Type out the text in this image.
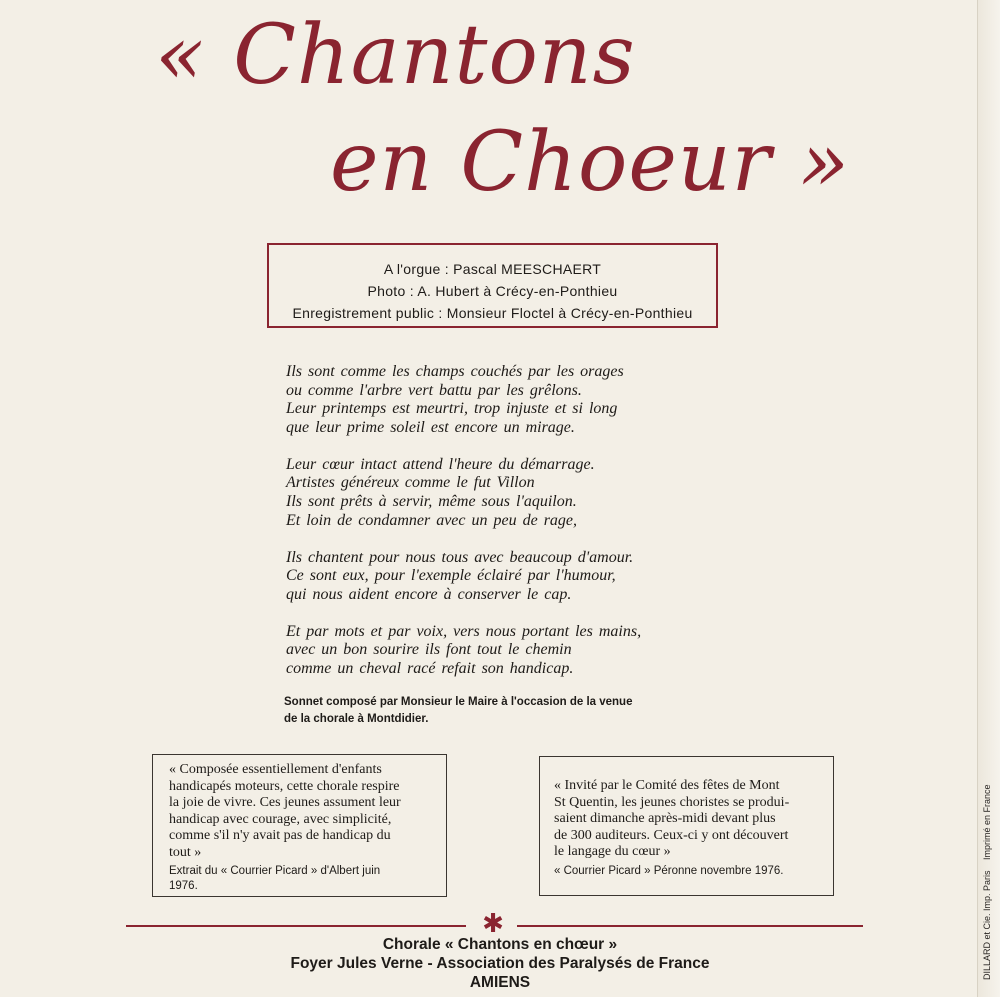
« Chantons
en Choeur »
A l'orgue : Pascal MEESCHAERT
Photo : A. Hubert à Crécy-en-Ponthieu
Enregistrement public : Monsieur Floctel à Crécy-en-Ponthieu
Ils sont comme les champs couchés par les orages
ou comme l'arbre vert battu par les grêlons.
Leur printemps est meurtri, trop injuste et si long
que leur prime soleil est encore un mirage.
Leur cœur intact attend l'heure du démarrage.
Artistes généreux comme le fut Villon
Ils sont prêts à servir, même sous l'aquilon.
Et loin de condamner avec un peu de rage,
Ils chantent pour nous tous avec beaucoup d'amour.
Ce sont eux, pour l'exemple éclairé par l'humour,
qui nous aident encore à conserver le cap.
Et par mots et par voix, vers nous portant les mains,
avec un bon sourire ils font tout le chemin
comme un cheval racé refait son handicap.
Sonnet composé par Monsieur le Maire à l'occasion de la venue
de la chorale à Montdidier.
« Composée essentiellement d'enfants
handicapés moteurs, cette chorale respire
la joie de vivre. Ces jeunes assument leur
handicap avec courage, avec simplicité,
comme s'il n'y avait pas de handicap du
tout »
Extrait du « Courrier Picard » d'Albert juin
1976.
« Invité par le Comité des fêtes de Mont
St Quentin, les jeunes choristes se produi-
saient dimanche après-midi devant plus
de 300 auditeurs. Ceux-ci y ont découvert
le langage du cœur »
« Courrier Picard » Péronne novembre 1976.
✱
Chorale « Chantons en chœur »
Foyer Jules Verne - Association des Paralysés de France
AMIENS
Imprimé en France
DILLARD et Cie. Imp. Paris
